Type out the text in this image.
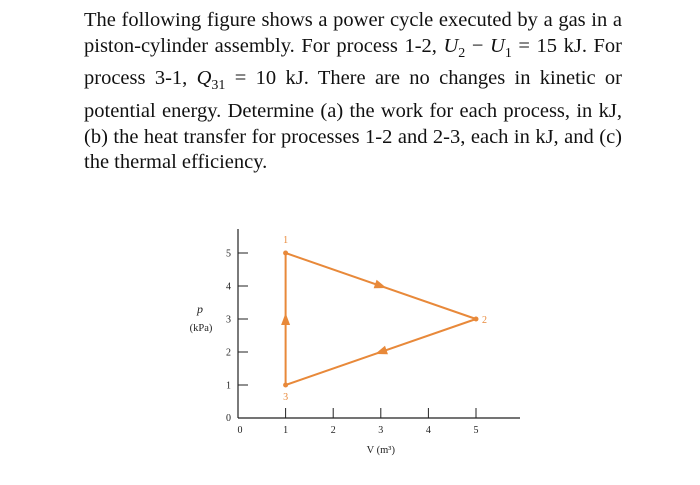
The following figure shows a power cycle executed by a gas in a piston-cylinder assembly. For process 1-2, $U_2 - U_1 = 15$ kJ. For process 3-1, $Q_{31} = 10$ kJ. There are no changes in kinetic or potential energy. Determine (a) the work for each process, in kJ, (b) the heat transfer for processes 1-2 and 2-3, each in kJ, and (c) the thermal efficiency.
1
2
3
4
5
1	2	3	4	5
0
0
1
2
3
p
(kPa)
V (m³)
